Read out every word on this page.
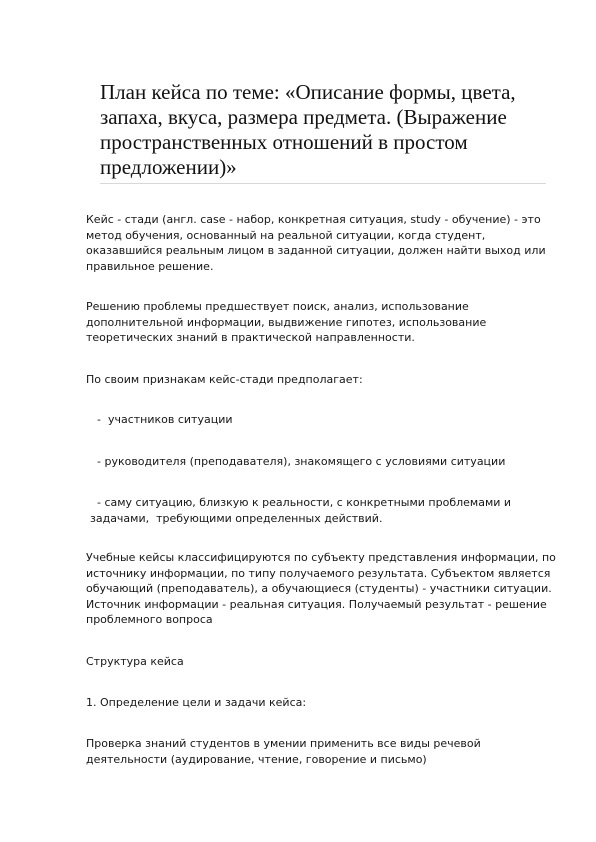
План кейса по теме: «Описание формы, цвета, запаха, вкуса, размера предмета. (Выражение пространственных отношений в простом предложении)»

Кейс - стади (англ. case - набор, конкретная ситуация, study - обучение) - это метод обучения, основанный на реальной ситуации, когда студент, оказавшийся реальным лицом в заданной ситуации, должен найти выход или правильное решение.

Решению проблемы предшествует поиск, анализ, использование дополнительной информации, выдвижение гипотез, использование теоретических знаний в практической направленности.

По своим признакам кейс-стади предполагает:

-  участников ситуации

- руководителя (преподавателя), знакомящего с условиями ситуации

- саму ситуацию, близкую к реальности, с конкретными проблемами и задачами,  требующими определенных действий.

Учебные кейсы классифицируются по субъекту представления информации, по источнику информации, по типу получаемого результата. Субъектом является обучающий (преподаватель), а обучающиеся (студенты) - участники ситуации. Источник информации - реальная ситуация. Получаемый результат - решение проблемного вопроса

Структура кейса

1. Определение цели и задачи кейса:

Проверка знаний студентов в умении применить все виды речевой деятельности (аудирование, чтение, говорение и письмо)
